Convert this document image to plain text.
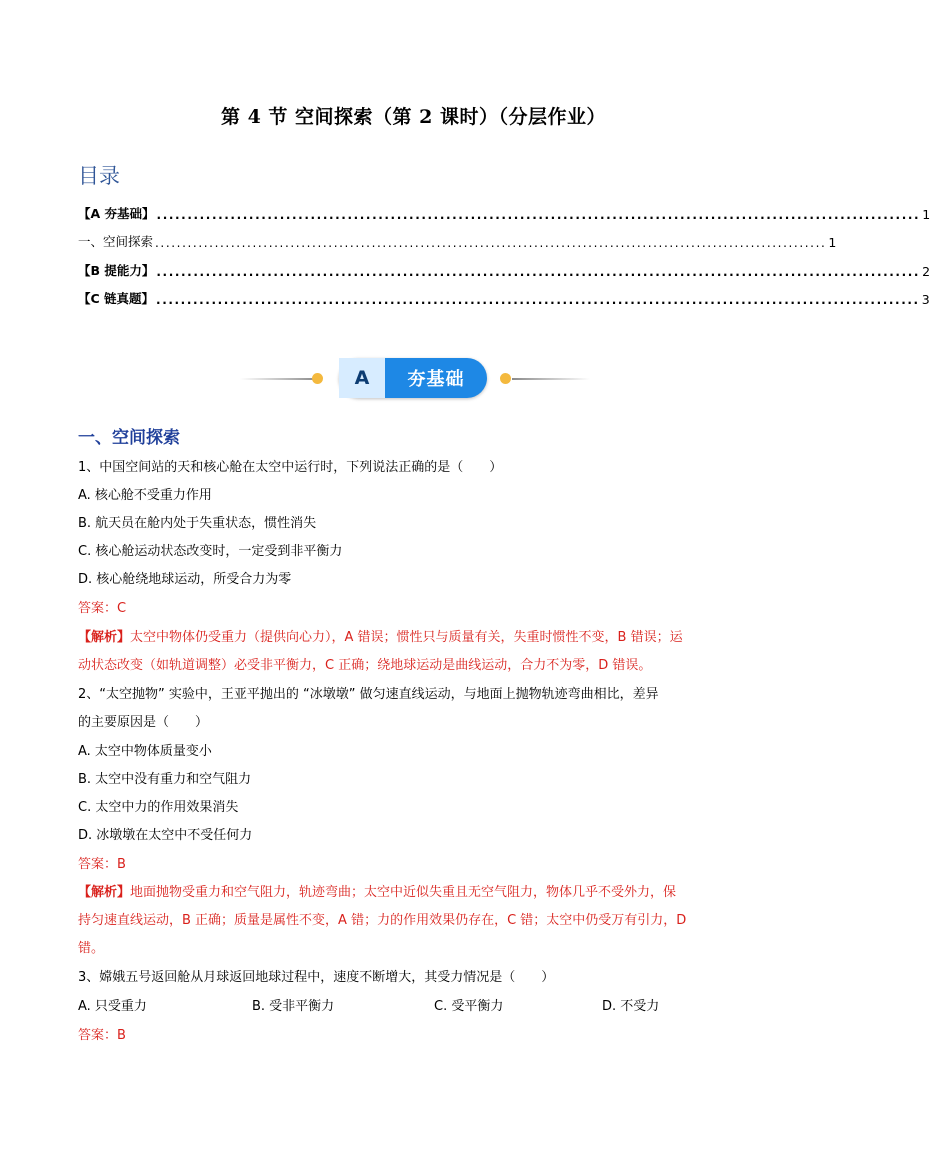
第 4 节 空间探索（第 2 课时）（分层作业）
目录
【A 夯基础】 ............................................................................................................................ 1
一、空间探索 ............................................................................................................................ 1
【B 提能力】 ............................................................................................................................ 2
【C 链真题】 ............................................................................................................................ 3
A	夯基础
一、空间探索
1、中国空间站的天和核心舱在太空中运行时，下列说法正确的是（　　）
A. 核心舱不受重力作用
B. 航天员在舱内处于失重状态，惯性消失
C. 核心舱运动状态改变时，一定受到非平衡力
D. 核心舱绕地球运动，所受合力为零
答案：C
【解析】太空中物体仍受重力（提供向心力），A 错误；惯性只与质量有关，失重时惯性不变，B 错误；运
动状态改变（如轨道调整）必受非平衡力，C 正确；绕地球运动是曲线运动，合力不为零，D 错误。
2、“太空抛物” 实验中，王亚平抛出的 “冰墩墩” 做匀速直线运动，与地面上抛物轨迹弯曲相比，差异
的主要原因是（　　）
A. 太空中物体质量变小
B. 太空中没有重力和空气阻力
C. 太空中力的作用效果消失
D. 冰墩墩在太空中不受任何力
答案：B
【解析】地面抛物受重力和空气阻力，轨迹弯曲；太空中近似失重且无空气阻力，物体几乎不受外力，保
持匀速直线运动，B 正确；质量是属性不变，A 错；力的作用效果仍存在，C 错；太空中仍受万有引力，D
错。
3、嫦娥五号返回舱从月球返回地球过程中，速度不断增大，其受力情况是（　　）
A. 只受重力	B. 受非平衡力	C. 受平衡力	D. 不受力
答案：B
